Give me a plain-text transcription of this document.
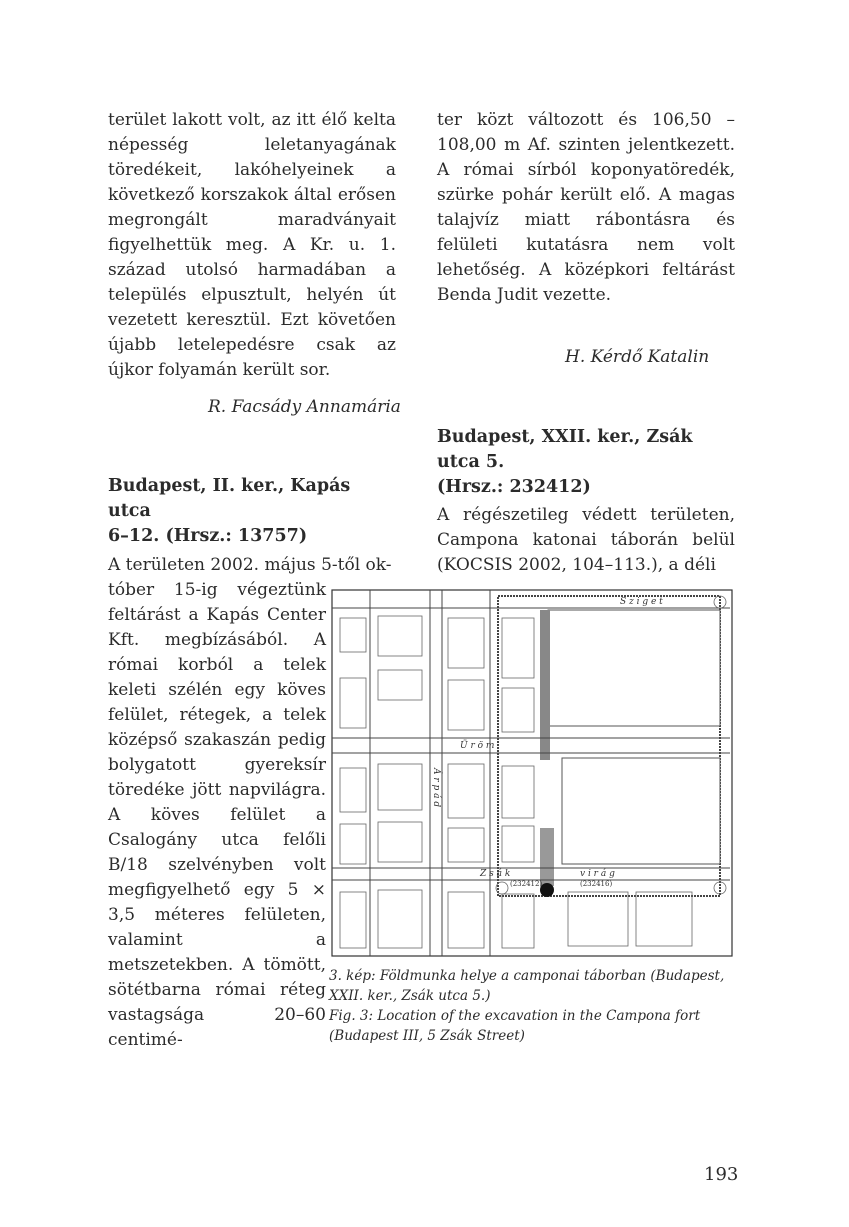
terület lakott volt, az itt élő kelta népesség leletanyagának töredékeit, lakóhelyeinek a következő korszakok által erősen megrongált maradványait figyelhettük meg. A Kr. u. 1. század utolsó harmadában a település elpusztult, helyén út vezetett keresztül. Ezt követően újabb letelepedésre csak az újkor folyamán került sor.

R. Facsády Annamária
Budapest, II. ker., Kapás utca
6–12. (Hrsz.: 13757)
A területen 2002. május 5-től ok-

tóber 15-ig végeztünk feltárást a Kapás Center Kft. megbízásából. A római korból a telek keleti szélén egy köves felület, rétegek, a telek középső szakaszán pedig bolygatott gyereksír töredéke jött napvilágra. A köves felület a Csalogány utca felőli B/18 szelvényben volt megfigyelhető egy 5 × 3,5 méteres felületen, valamint a metszetekben. A tömött, sötétbarna római réteg vastagsága 20–60 centimé-

ter közt változott és 106,50 – 108,00 m Af. szinten jelentkezett. A római sírból koponyatöredék, szürke pohár került elő. A magas talajvíz miatt rábontásra és felületi kutatásra nem volt lehetőség. A középkori feltárást Benda Judit vezette.

H. Kérdő Katalin
Budapest, XXII. ker., Zsák utca 5.
(Hrsz.: 232412)

A régészetileg védett területen, Campona katonai táborán belül (KOCSIS 2002, 104–113.), a déli

S z i g e t
Z s á k	v i r á g
Ü r ö m
Á r p á d
(232412)	(232416)
3. kép: Földmunka helye a camponai táborban (Budapest, XXII. ker., Zsák utca 5.)
Fig. 3: Location of the excavation in the Campona fort (Budapest III, 5 Zsák Street)
193
